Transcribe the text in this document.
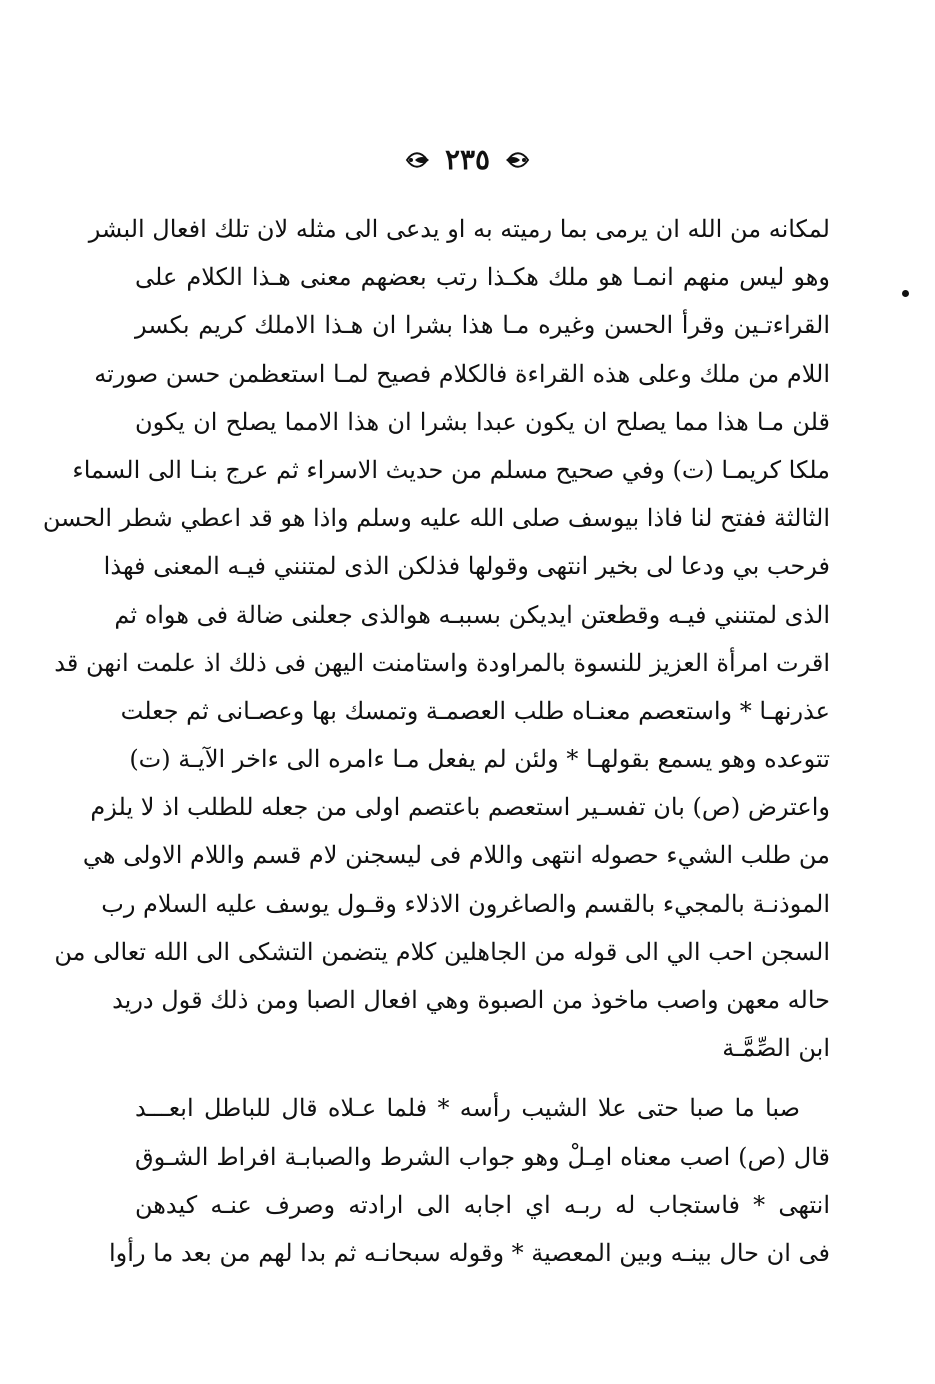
٢٣٥
لمكانه من الله ان يرمى بما رميته به او يدعى الى مثله لان تلك افعال البشر
وهو ليس منهم انمـا هو ملك هكـذا رتب بعضهم معنى هـذا الكلام على
القراءتـين وقرأ الحسن وغيره مـا هذا بشرا ان هـذا الاملك كريم بكسر
اللام من ملك وعلى هذه القراءة فالكلام فصيح لمـا استعظمن حسن صورته
قلن مـا هذا مما يصلح ان يكون عبدا بشرا ان هذا الامما يصلح ان يكون
ملكا كريمـا (ت) وفي صحيح مسلم من حديث الاسراء ثم عرج بنـا الى السماء
الثالثة ففتح لنا فاذا بيوسف صلى الله عليه وسلم واذا هو قد اعطي شطر الحسن
فرحب بي ودعا لى بخير انتهى وقولها فذلكن الذى لمتنني فيـه المعنى فهذا
الذى لمتنني فيـه وقطعتن ايديكن بسببـه هوالذى جعلنى ضالة فى هواه ثم
اقرت امرأة العزيز للنسوة بالمراودة واستامنت اليهن فى ذلك اذ علمت انهن قد
عذرنهـا * واستعصم معنـاه طلب العصمـة وتمسك بها وعصـانى ثم جعلت
تتوعده وهو يسمع بقولهـا * ولئن لم يفعل مـا ءامره الى ءاخر الآيـة (ت)
واعترض (ص) بان تفسـير استعصم باعتصم اولى من جعله للطلب اذ لا يلزم
من طلب الشيء حصوله انتهى واللام فى ليسجنن لام قسم واللام الاولى هي
الموذنـة بالمجيء بالقسم والصاغرون الاذلاء وقـول يوسف عليه السلام رب
السجن احب الي الى قوله من الجاهلين كلام يتضمن التشكى الى الله تعالى من
حاله معهن واصب ماخوذ من الصبوة وهي افعال الصبا ومن ذلك قول دريد
ابن الصِّمَّـة
صبا ما صبا حتى علا الشيب رأسه * فلما عـلاه قال للباطل ابعـــد
قال (ص) اصب معناه امِـلْ وهو جواب الشرط والصبابـة افراط الشـوق
انتهى * فاستجاب له ربـه اي اجابه الى ارادته وصرف عنـه كيدهن
فى ان حال بينـه وبين المعصية * وقوله سبحانـه ثم بدا لهم من بعد ما رأوا
